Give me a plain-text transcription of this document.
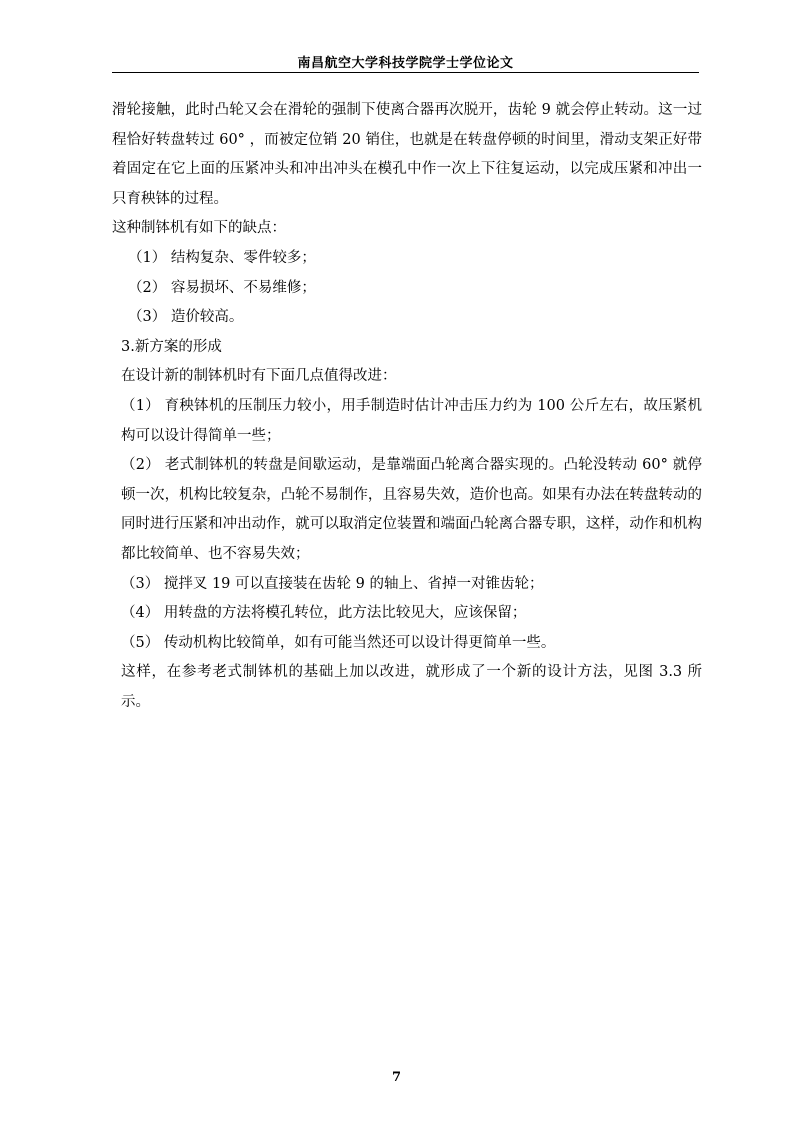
南昌航空大学科技学院学士学位论文

滑轮接触，此时凸轮又会在滑轮的强制下使离合器再次脱开，齿轮 9 就会停止转动。这一过程恰好转盘转过 60° ，而被定位销 20 销住，也就是在转盘停顿的时间里，滑动支架正好带着固定在它上面的压紧冲头和冲出冲头在模孔中作一次上下往复运动，以完成压紧和冲出一只育秧钵的过程。

这种制钵机有如下的缺点：

（1） 结构复杂、零件较多；

（2） 容易损坏、不易维修；

（3） 造价较高。

3.新方案的形成

在设计新的制钵机时有下面几点值得改进：

（1） 育秧钵机的压制压力较小，用手制造时估计冲击压力约为 100 公斤左右，故压紧机构可以设计得简单一些；

（2） 老式制钵机的转盘是间歇运动，是靠端面凸轮离合器实现的。凸轮没转动 60° 就停顿一次，机构比较复杂，凸轮不易制作，且容易失效，造价也高。如果有办法在转盘转动的同时进行压紧和冲出动作，就可以取消定位装置和端面凸轮离合器专职，这样，动作和机构都比较简单、也不容易失效；

（3） 搅拌叉 19 可以直接装在齿轮 9 的轴上、省掉一对锥齿轮；

（4） 用转盘的方法将模孔转位，此方法比较见大，应该保留；

（5） 传动机构比较简单，如有可能当然还可以设计得更简单一些。

这样，在参考老式制钵机的基础上加以改进，就形成了一个新的设计方法，见图 3.3 所示。

7
